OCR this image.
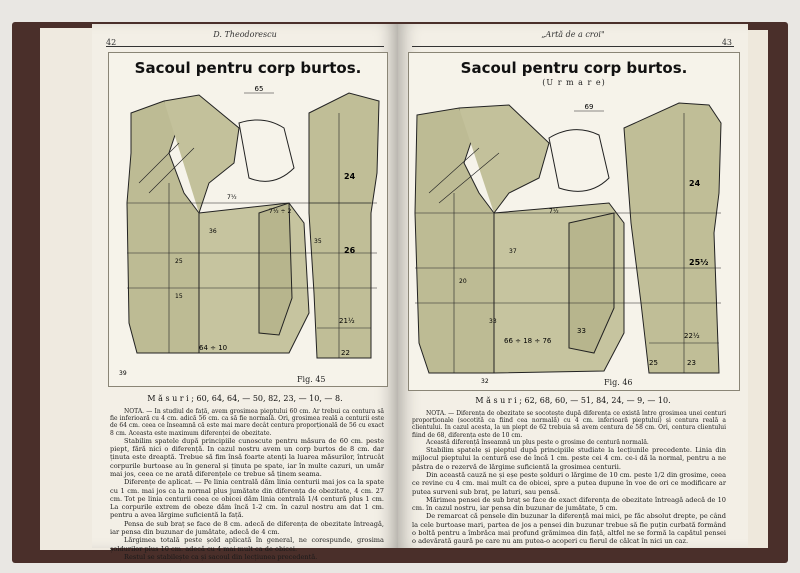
42
D. Theodorescu
Sacoul pentru corp burtos.
65
24
26
21½
22
64 ÷ 10
7½
7½ ÷ 2
36
25
15
35
39
Fig. 45
M ă s u r i ; 60, 64, 64, — 50, 82, 23, — 10, — 8.

NOTA. — In studiul de față, avem grosimea pieptului 60 cm. Ar trebui ca centura să fie inferioară cu 4 cm. adică 56 cm. ca să fie normală. Ori, grosimea reală a centurii este de 64 cm. ceea ce înseamnă că este mai mare decât centura proporțională de 56 cu exact 8 cm. Aceasta este maximum diferenței de obezitate.

Stabilim spatele după principiile cunoscute pentru măsura de 60 cm. peste piept, fără nici o diferență. In cazul nostru avem un corp burtos de 8 cm. dar ținuta este dreaptă. Trebue să fim însă foarte atenți la luarea măsurilor, întrucât corpurile burtoase au în general și ținuta pe spate, iar în multe cazuri, un umăr mai jos, ceea ce ne arată diferențele ce trebue să ținem seama.

Diferențe de aplicat. — Pe linia centrală dăm linia centurii mai jos ca la spate cu 1 cm. mai jos ca la normal plus jumătate din diferența de obezitate, 4 cm. 27 cm. Tot pe linia centurii ceea ce obicei dăm linia centrală 1/4 centură plus 1 cm. La corpurile extrem de obeze dăm încă 1-2 cm. în cazul nostru am dat 1 cm. pentru a avea lărgime suficientă la față.

Pensa de sub braț se face de 8 cm. adecă de diferența de obezitate întreagă, iar pensa din buzunar de jumătate, adecă de 4 cm.

Lărgimea totală peste șold aplicată în general, ne corespunde, grosima șoldurilor plus 10 cm. adecă cu 4 mai mult ca de obicei.

Restul se stabilește ca și sacoul din lecțiunea precedentă.

„Artă de a croi"
43
Sacoul pentru corp burtos.
(U r m a r e)
69
24
25½
22½
23
66 ÷ 18 ÷ 76
33
7½
37
20
33
32
25
Fig. 46
M ă s u r i ; 62, 68, 60, — 51, 84, 24, — 9, — 10.

NOTA. — Diferența de obezitate se socotește după diferența ce există între grosimea unei centuri proporționale (socotită ca fiind cea normală) cu 4 cm. inferioară pieptului) și centura reală a clientului. In cazul acesta, la un piept de 62 trebuia să avem centura de 58 cm. Ori, centura clientului fiind de 68, diferența este de 10 cm.

Această diferență înseamnă un plus peste o grosime de centură normală.

Stabilim spatele și pieptul după principiile studiate la lecțiunile precedente. Linia din mijlocul pieptului la centură ese de încă 1 cm. peste cei 4 cm. ce-i dă la normal, pentru a ne păstra de o rezervă de lărgime suficientă la grosimea centurii.

Din această cauză ne și eșe peste șolduri o lărgime de 10 cm. peste 1/2 din grosime, ceea ce revine cu 4 cm. mai mult ca de obicei, spre a putea dupune în voe de ori ce modificare ar putea surveni sub braț, pe laturi, sau pensă.

Mărimea pensei de sub braț se face de exact diferența de obezitate întreagă adecă de 10 cm. în cazul nostru, iar pensa din buzunar de jumătate, 5 cm.

De remarcat că pensele din buzunar la diferență mai mici, pe făc absolut drepte, pe când la cele burtoase mari, partea de jos a pensei din buzunar trebue să fie puțin curbată formând o boltă pentru a îmbrăca mai profund grămimea din față, altfel ne se formă la capătul pensei o adevărată gaură pe care nu am putea-o acoperi cu fierul de călcat în nici un caz.
